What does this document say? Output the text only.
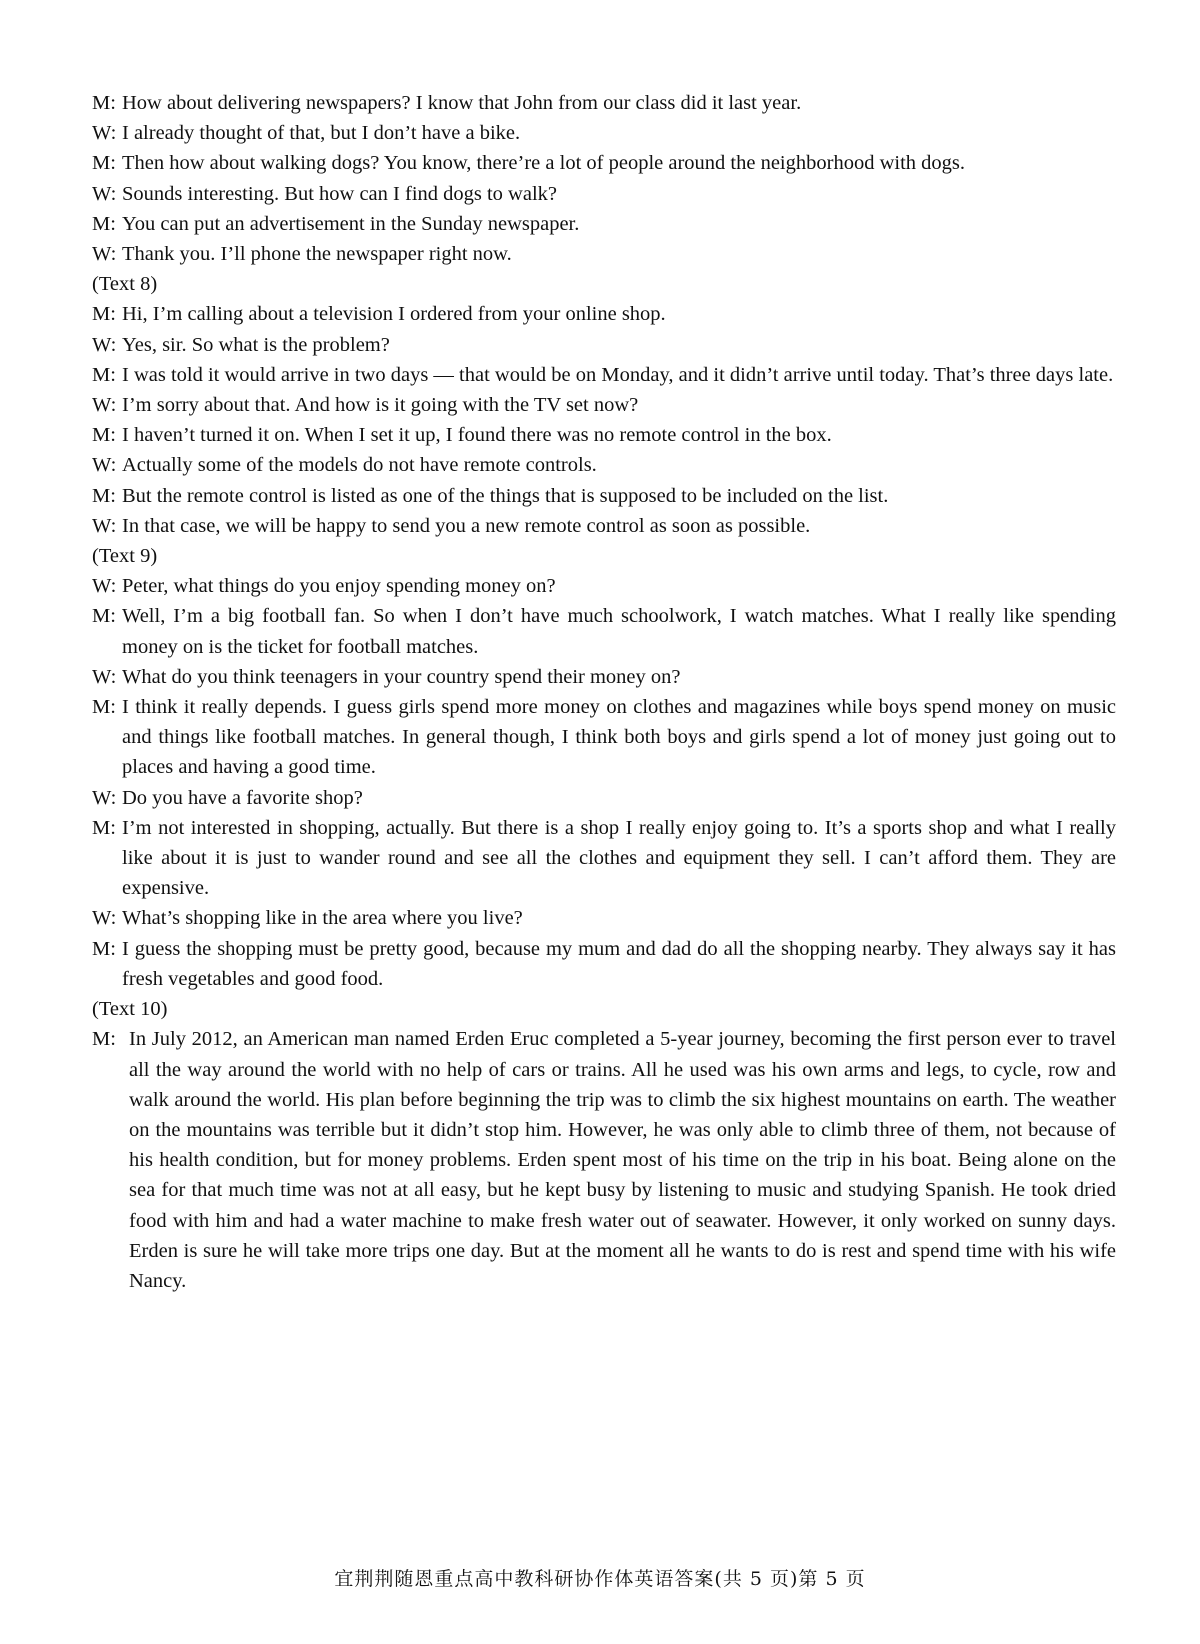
M: How about delivering newspapers? I know that John from our class did it last year.
W: I already thought of that, but I don’t have a bike.
M: Then how about walking dogs? You know, there’re a lot of people around the neighborhood with dogs.
W: Sounds interesting. But how can I find dogs to walk?
M: You can put an advertisement in the Sunday newspaper.
W: Thank you. I’ll phone the newspaper right now.
(Text 8)
M: Hi, I’m calling about a television I ordered from your online shop.
W: Yes, sir. So what is the problem?
M: I was told it would arrive in two days — that would be on Monday, and it didn’t arrive until today. That’s three days late.
W: I’m sorry about that. And how is it going with the TV set now?
M: I haven’t turned it on. When I set it up, I found there was no remote control in the box.
W: Actually some of the models do not have remote controls.
M: But the remote control is listed as one of the things that is supposed to be included on the list.
W: In that case, we will be happy to send you a new remote control as soon as possible.
(Text 9)
W: Peter, what things do you enjoy spending money on?
M: Well, I’m a big football fan. So when I don’t have much schoolwork, I watch matches. What I really like spending money on is the ticket for football matches.
W: What do you think teenagers in your country spend their money on?
M: I think it really depends. I guess girls spend more money on clothes and magazines while boys spend money on music and things like football matches. In general though, I think both boys and girls spend a lot of money just going out to places and having a good time.
W: Do you have a favorite shop?
M: I’m not interested in shopping, actually. But there is a shop I really enjoy going to. It’s a sports shop and what I really like about it is just to wander round and see all the clothes and equipment they sell. I can’t afford them. They are expensive.
W: What’s shopping like in the area where you live?
M: I guess the shopping must be pretty good, because my mum and dad do all the shopping nearby. They always say it has fresh vegetables and good food.
(Text 10)
M: In July 2012, an American man named Erden Eruc completed a 5-year journey, becoming the first person ever to travel all the way around the world with no help of cars or trains. All he used was his own arms and legs, to cycle, row and walk around the world. His plan before beginning the trip was to climb the six highest mountains on earth. The weather on the mountains was terrible but it didn’t stop him. However, he was only able to climb three of them, not because of his health condition, but for money problems. Erden spent most of his time on the trip in his boat. Being alone on the sea for that much time was not at all easy, but he kept busy by listening to music and studying Spanish. He took dried food with him and had a water machine to make fresh water out of seawater. However, it only worked on sunny days. Erden is sure he will take more trips one day. But at the moment all he wants to do is rest and spend time with his wife Nancy.
宜荆荆随恩重点高中教科研协作体英语答案(共 5 页)第 5 页
